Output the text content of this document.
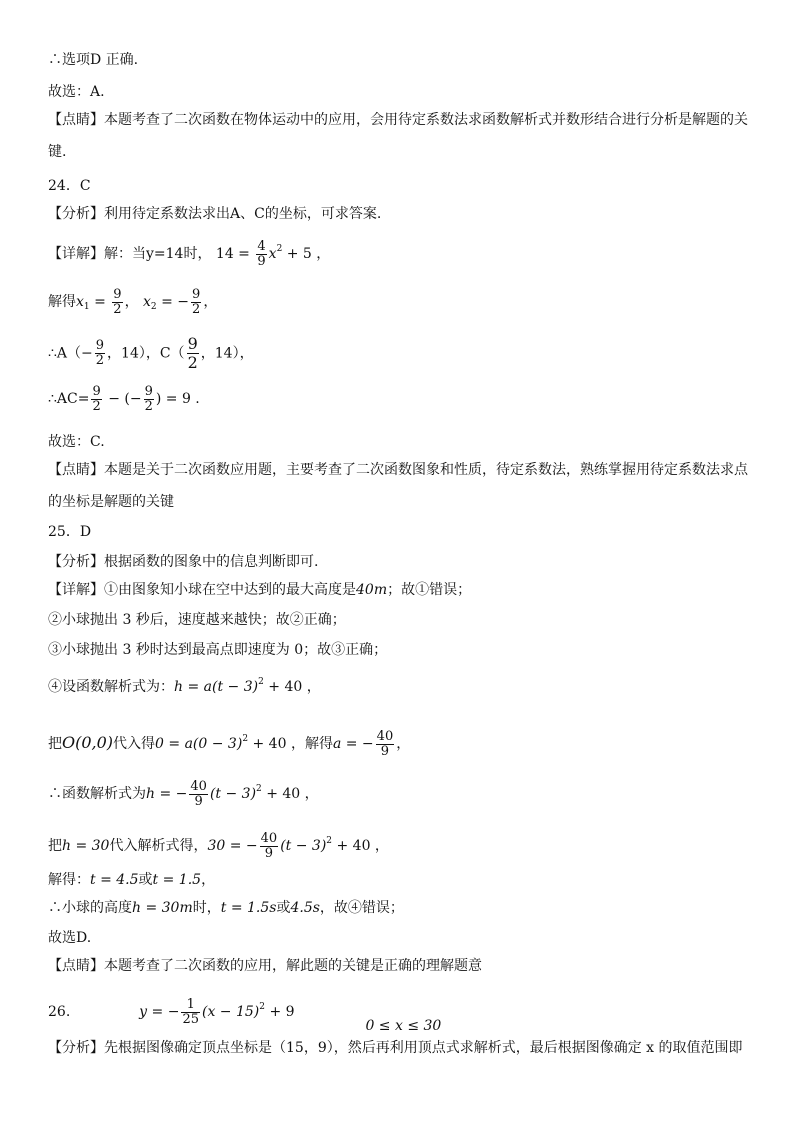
∴选项D 正确.
故选：A.
【点睛】本题考查了二次函数在物体运动中的应用，会用待定系数法求函数解析式并数形结合进行分析是解题的关键.
24．C
【分析】利用待定系数法求出A、C的坐标，可求答案.
【详解】解：当y=14时， $14 = \frac{4}{9} x^2 + 5$ ，
解得$x_1 = \frac{9}{2}$ ， $x_2$ = − $\frac{9}{2}$ ，
∴A（− $\frac{9}{2}$ ，14），$C( \frac{9}{2}$ ，14），
∴AC= $\frac{9}{2}$ − (− $\frac{9}{2}$ ) = 9 .
故选：C.
【点睛】本题是关于二次函数应用题，主要考查了二次函数图象和性质，待定系数法，熟练掌握用待定系数法求点的坐标是解题的关键
25．D
【分析】根据函数的图象中的信息判断即可.
【详解】①由图象知小球在空中达到的最大高度是40m；故①错误；
②小球抛出 3 秒后，速度越来越快；故②正确；
③小球抛出 3 秒时达到最高点即速度为 0；故③正确；
④设函数解析式为：$h = a(t - 3)^2 + 40$ ，
把O(0,0)代入得$0 = a(0 - 3)^2 + 40$ ，解得a = − $\frac{40}{9}$ ，
∴函数解析式为h = − $\frac{40}{9} (t - 3)^2 + 40$ ，
把h = 30代入解析式得，30 = − $\frac{40}{9} (t - 3)^2 + 40$ ，
解得：t = 4.5或t = 1.5，
∴小球的高度h = 30m时，t = 1.5s或4.5s，故④错误；
故选D.
【点睛】本题考查了二次函数的应用，解此题的关键是正确的理解题意
26.	y = − $\frac{1}{25} (x - 15)^2 + 9$  0 ≤ x ≤ 30
【分析】先根据图像确定顶点坐标是（15，9），然后再利用顶点式求解析式，最后根据图像确定 x 的取值范围即
